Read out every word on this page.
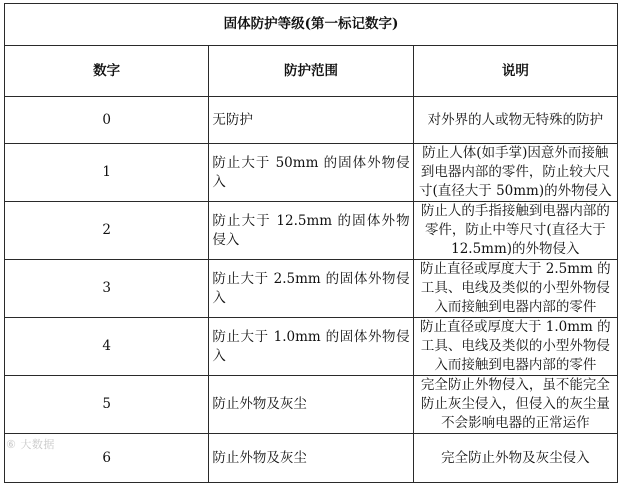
固体防护等级(第一标记数字)		
数字	防护范围	说明
0	无防护	对外界的人或物无特殊的防护

1	防止大于 50mm 的固体外物侵入	防止人体(如手掌)因意外而接触到电器内部的零件，防止较大尺寸(直径大于 50mm)的外物侵入

2	防止大于 12.5mm 的固体外物侵入	防止人的手指接触到电器内部的零件，防止中等尺寸(直径大于 12.5mm)的外物侵入

3	防止大于 2.5mm 的固体外物侵入	防止直径或厚度大于 2.5mm 的工具、电线及类似的小型外物侵入而接触到电器内部的零件

4	防止大于 1.0mm 的固体外物侵入	防止直径或厚度大于 1.0mm 的工具、电线及类似的小型外物侵入而接触到电器内部的零件

5	防止外物及灰尘	完全防止外物侵入，虽不能完全防止灰尘侵入，但侵入的灰尘量不会影响电器的正常运作

6	防止外物及灰尘	完全防止外物及灰尘侵入
⑥ 大数据
